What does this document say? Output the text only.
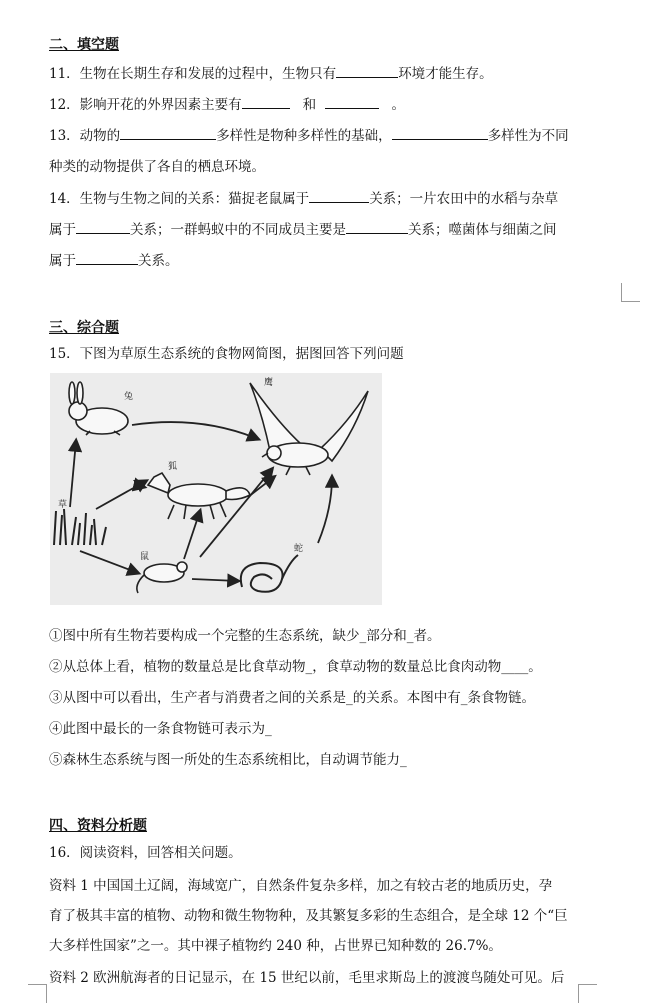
二、填空题
11．生物在长期生存和发展的过程中，生物只有	环境才能生存。
12．影响开花的外界因素主要有	和	。
13．动物的	多样性是物种多样性的基础，	多样性为不同
种类的动物提供了各自的栖息环境。
14．生物与生物之间的关系：猫捉老鼠属于	关系；一片农田中的水稻与杂草
属于	关系；一群蚂蚁中的不同成员主要是	关系；噬菌体与细菌之间
属于	关系。
三、综合题
15．下图为草原生态系统的食物网简图，据图回答下列问题
兔
鹰
狐
草
鼠
蛇
①图中所有生物若要构成一个完整的生态系统，缺少_部分和_者。
②从总体上看，植物的数量总是比食草动物_，食草动物的数量总比食肉动物____。
③从图中可以看出，生产者与消费者之间的关系是_的关系。本图中有_条食物链。
④此图中最长的一条食物链可表示为_
⑤森林生态系统与图一所处的生态系统相比，自动调节能力_
四、资料分析题
16．阅读资料，回答相关问题。
资料 1 中国国土辽阔，海域宽广，自然条件复杂多样，加之有较古老的地质历史，孕
育了极其丰富的植物、动物和微生物物种，及其繁复多彩的生态组合，是全球 12 个“巨
大多样性国家”之一。其中裸子植物约 240 种，占世界已知种数的 26.7%。
资料 2 欧洲航海者的日记显示，在 15 世纪以前，毛里求斯岛上的渡渡鸟随处可见。后
